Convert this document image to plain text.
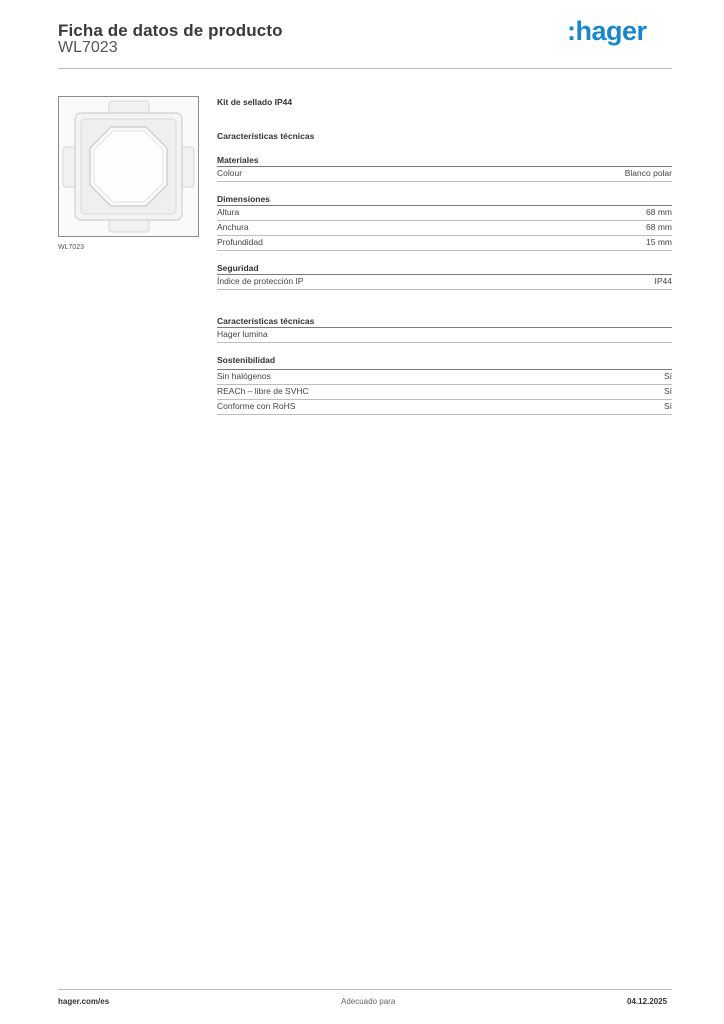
Ficha de datos de producto
WL7023
:hager
WL7023
Kit de sellado IP44
Características técnicas
Materiales
Colour	Blanco polar
Dimensiones
Altura	68 mm
Anchura	68 mm
Profundidad	15 mm
Seguridad
Índice de protección IP	IP44
Características técnicas
Hager lumina
Sostenibilidad
Sin halógenos	Sí
REACh – libre de SVHC	Sí
Conforme con RoHS	Sí
hager.com/es	Adecuado para	04.12.2025
